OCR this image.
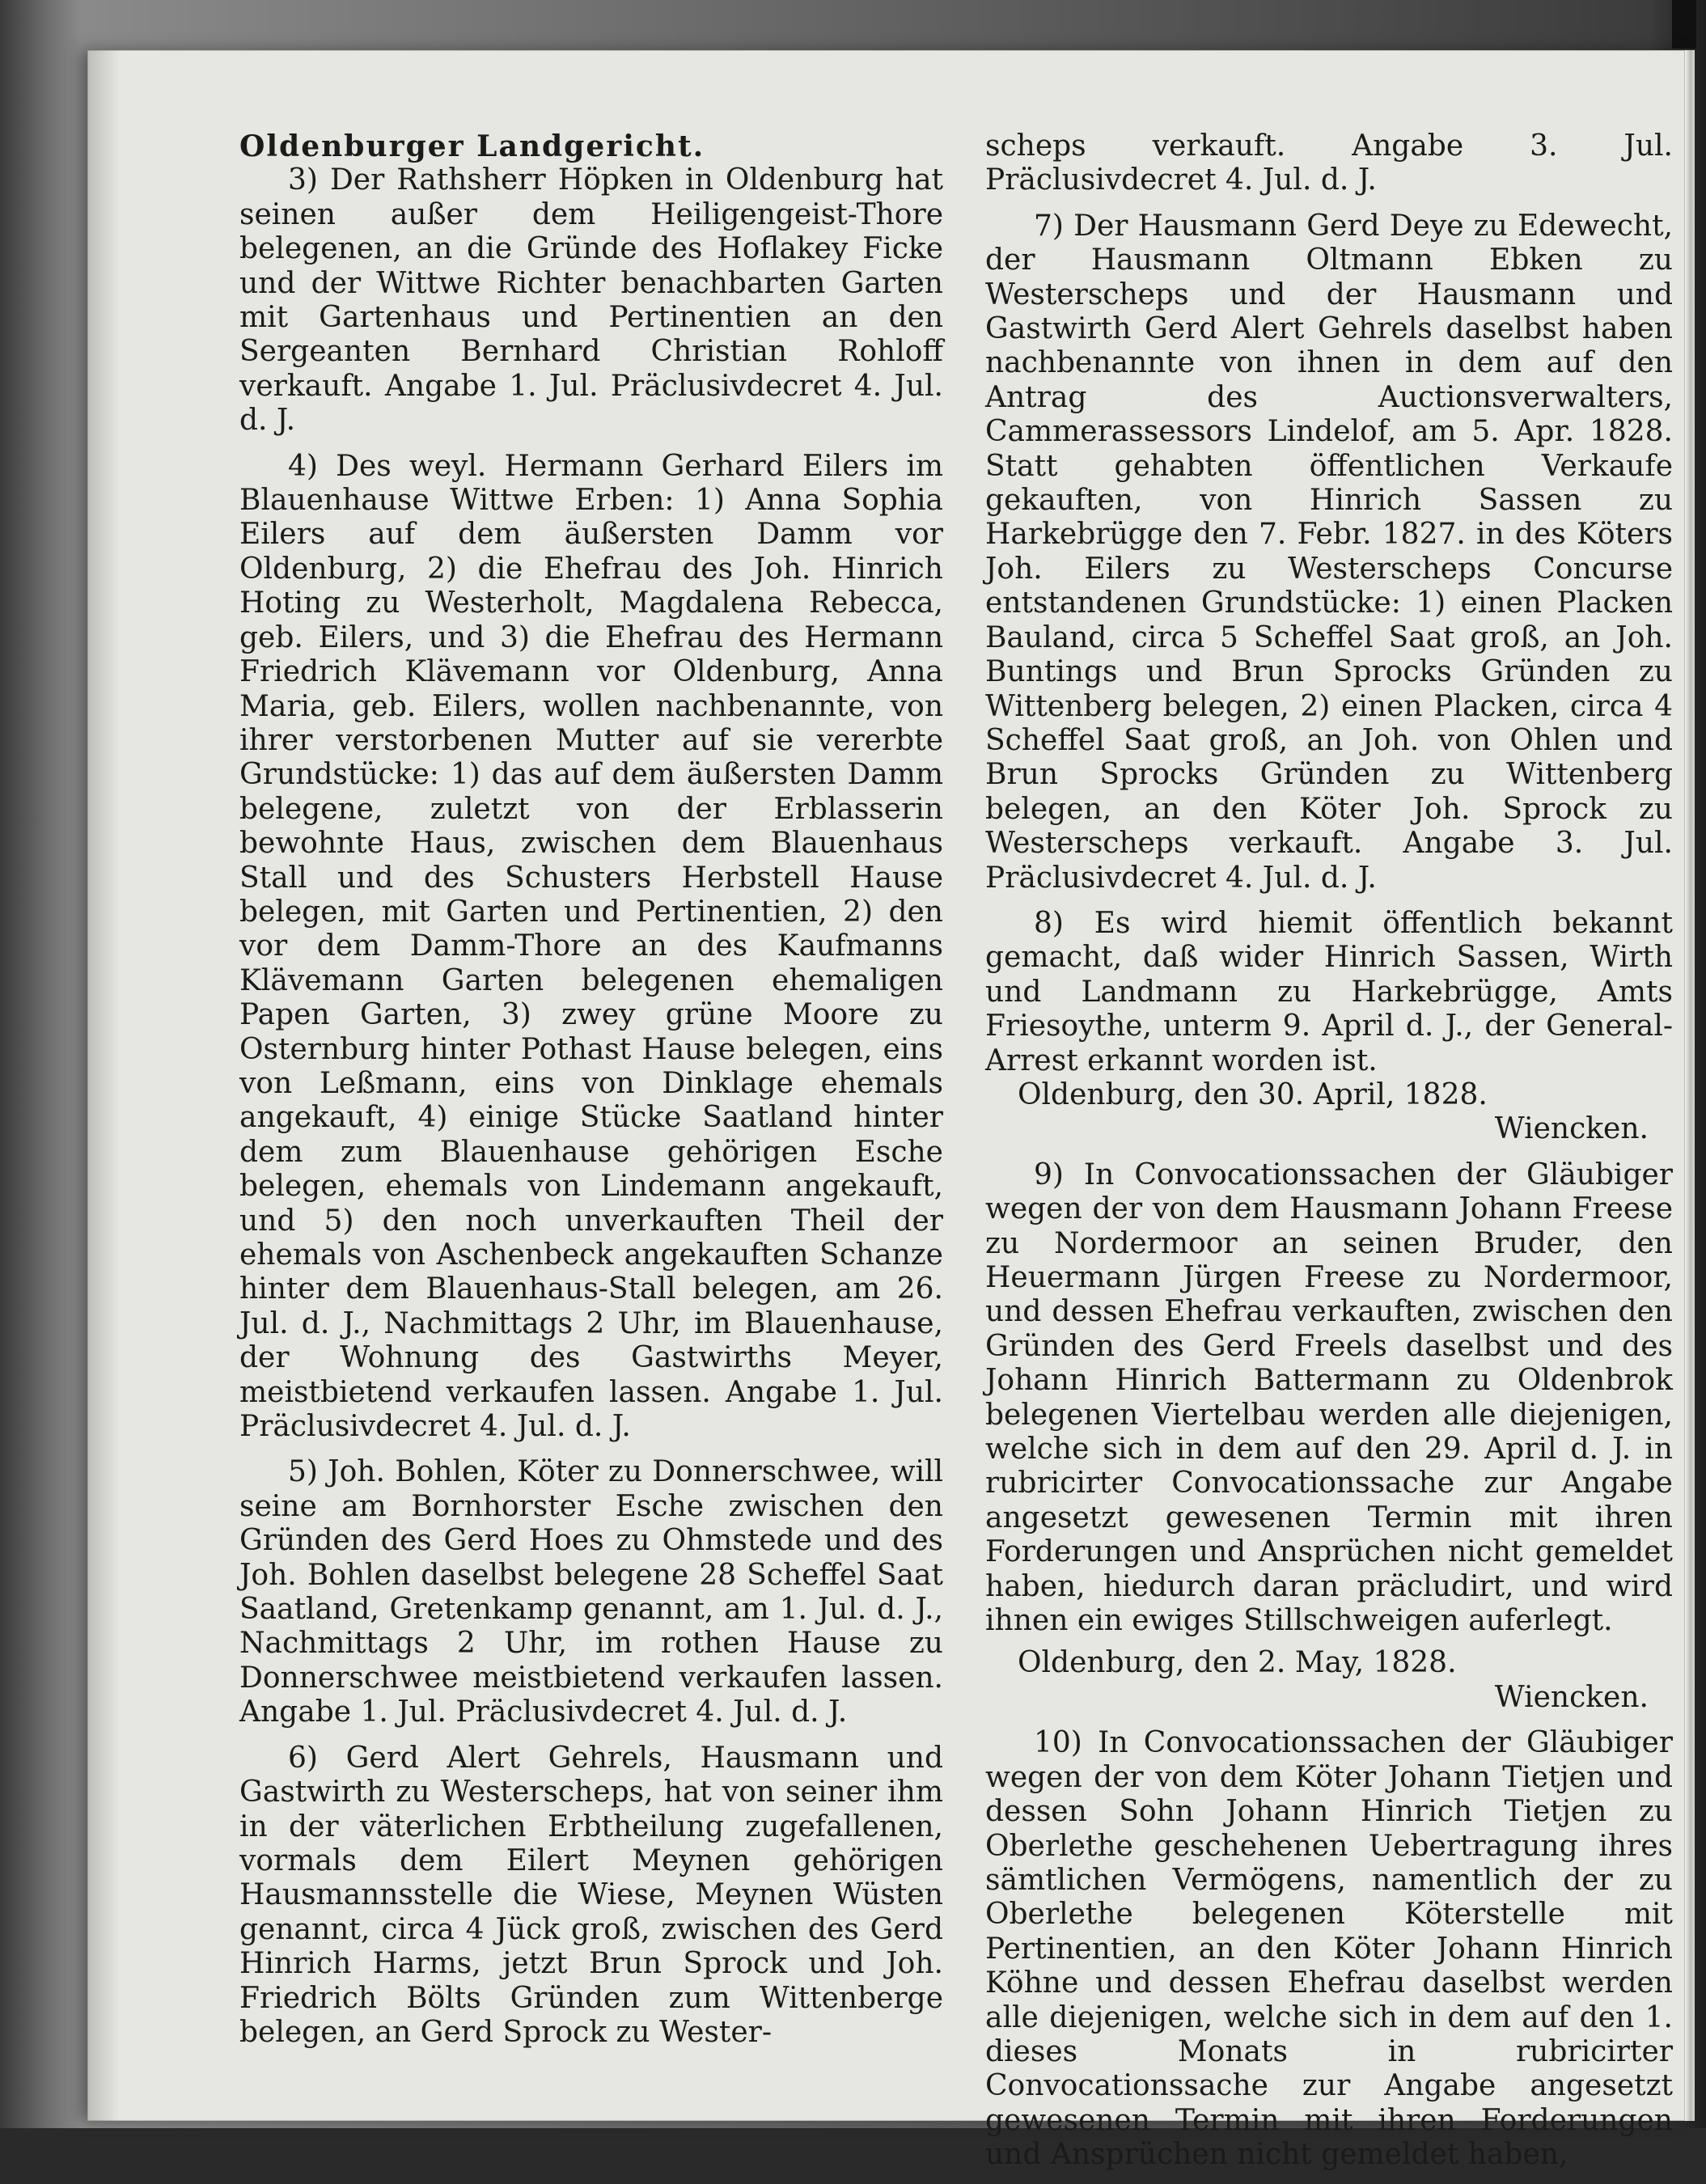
Oldenburger Landgericht.

3) Der Rathsherr Höpken in Oldenburg hat seinen außer dem Heiligengeist-Thore belegenen, an die Gründe des Hoflakey Ficke und der Wittwe Richter benachbarten Garten mit Gartenhaus und Pertinentien an den Sergeanten Bernhard Christian Rohloff verkauft. Angabe 1. Jul. Präclusivdecret 4. Jul. d. J.

4) Des weyl. Hermann Gerhard Eilers im Blauenhause Wittwe Erben: 1) Anna Sophia Eilers auf dem äußersten Damm vor Oldenburg, 2) die Ehefrau des Joh. Hinrich Hoting zu Westerholt, Magdalena Rebecca, geb. Eilers, und 3) die Ehefrau des Hermann Friedrich Klävemann vor Oldenburg, Anna Maria, geb. Eilers, wollen nachbenannte, von ihrer verstorbenen Mutter auf sie vererbte Grundstücke: 1) das auf dem äußersten Damm belegene, zuletzt von der Erblasserin bewohnte Haus, zwischen dem Blauenhaus Stall und des Schusters Herbstell Hause belegen, mit Garten und Pertinentien, 2) den vor dem Damm-Thore an des Kaufmanns Klävemann Garten belegenen ehemaligen Papen Garten, 3) zwey grüne Moore zu Osternburg hinter Pothast Hause belegen, eins von Leßmann, eins von Dinklage ehemals angekauft, 4) einige Stücke Saatland hinter dem zum Blauenhause gehörigen Esche belegen, ehemals von Lindemann angekauft, und 5) den noch unverkauften Theil der ehemals von Aschenbeck angekauften Schanze hinter dem Blauenhaus-Stall belegen, am 26. Jul. d. J., Nachmittags 2 Uhr, im Blauenhause, der Wohnung des Gastwirths Meyer, meistbietend verkaufen lassen. Angabe 1. Jul. Präclusivdecret 4. Jul. d. J.

5) Joh. Bohlen, Köter zu Donnerschwee, will seine am Bornhorster Esche zwischen den Gründen des Gerd Hoes zu Ohmstede und des Joh. Bohlen daselbst belegene 28 Scheffel Saat Saatland, Gretenkamp genannt, am 1. Jul. d. J., Nachmittags 2 Uhr, im rothen Hause zu Donnerschwee meistbietend verkaufen lassen. Angabe 1. Jul. Präclusivdecret 4. Jul. d. J.

6) Gerd Alert Gehrels, Hausmann und Gastwirth zu Westerscheps, hat von seiner ihm in der väterlichen Erbtheilung zugefallenen, vormals dem Eilert Meynen gehörigen Hausmannsstelle die Wiese, Meynen Wüsten genannt, circa 4 Jück groß, zwischen des Gerd Hinrich Harms, jetzt Brun Sprock und Joh. Friedrich Bölts Gründen zum Wittenberge belegen, an Gerd Sprock zu Wester-

scheps verkauft. Angabe 3. Jul. Präclusivdecret 4. Jul. d. J.

7) Der Hausmann Gerd Deye zu Edewecht, der Hausmann Oltmann Ebken zu Westerscheps und der Hausmann und Gastwirth Gerd Alert Gehrels daselbst haben nachbenannte von ihnen in dem auf den Antrag des Auctionsverwalters, Cammerassessors Lindelof, am 5. Apr. 1828. Statt gehabten öffentlichen Verkaufe gekauften, von Hinrich Sassen zu Harkebrügge den 7. Febr. 1827. in des Köters Joh. Eilers zu Westerscheps Concurse entstandenen Grundstücke: 1) einen Placken Bauland, circa 5 Scheffel Saat groß, an Joh. Buntings und Brun Sprocks Gründen zu Wittenberg belegen, 2) einen Placken, circa 4 Scheffel Saat groß, an Joh. von Ohlen und Brun Sprocks Gründen zu Wittenberg belegen, an den Köter Joh. Sprock zu Westerscheps verkauft. Angabe 3. Jul. Präclusivdecret 4. Jul. d. J.

8) Es wird hiemit öffentlich bekannt gemacht, daß wider Hinrich Sassen, Wirth und Landmann zu Harkebrügge, Amts Friesoythe, unterm 9. April d. J., der General-Arrest erkannt worden ist.

Oldenburg, den 30. April, 1828.

Wiencken.

9) In Convocationssachen der Gläubiger wegen der von dem Hausmann Johann Freese zu Nordermoor an seinen Bruder, den Heuermann Jürgen Freese zu Nordermoor, und dessen Ehefrau verkauften, zwischen den Gründen des Gerd Freels daselbst und des Johann Hinrich Battermann zu Oldenbrok belegenen Viertelbau werden alle diejenigen, welche sich in dem auf den 29. April d. J. in rubricirter Convocationssache zur Angabe angesetzt gewesenen Termin mit ihren Forderungen und Ansprüchen nicht gemeldet haben, hiedurch daran präcludirt, und wird ihnen ein ewiges Stillschweigen auferlegt.

Oldenburg, den 2. May, 1828.

Wiencken.

10) In Convocationssachen der Gläubiger wegen der von dem Köter Johann Tietjen und dessen Sohn Johann Hinrich Tietjen zu Oberlethe geschehenen Uebertragung ihres sämtlichen Vermögens, namentlich der zu Oberlethe belegenen Köterstelle mit Pertinentien, an den Köter Johann Hinrich Köhne und dessen Ehefrau daselbst werden alle diejenigen, welche sich in dem auf den 1. dieses Monats in rubricirter Convocationssache zur Angabe angesetzt gewesenen Termin mit ihren Forderungen und Ansprüchen nicht gemeldet haben,
